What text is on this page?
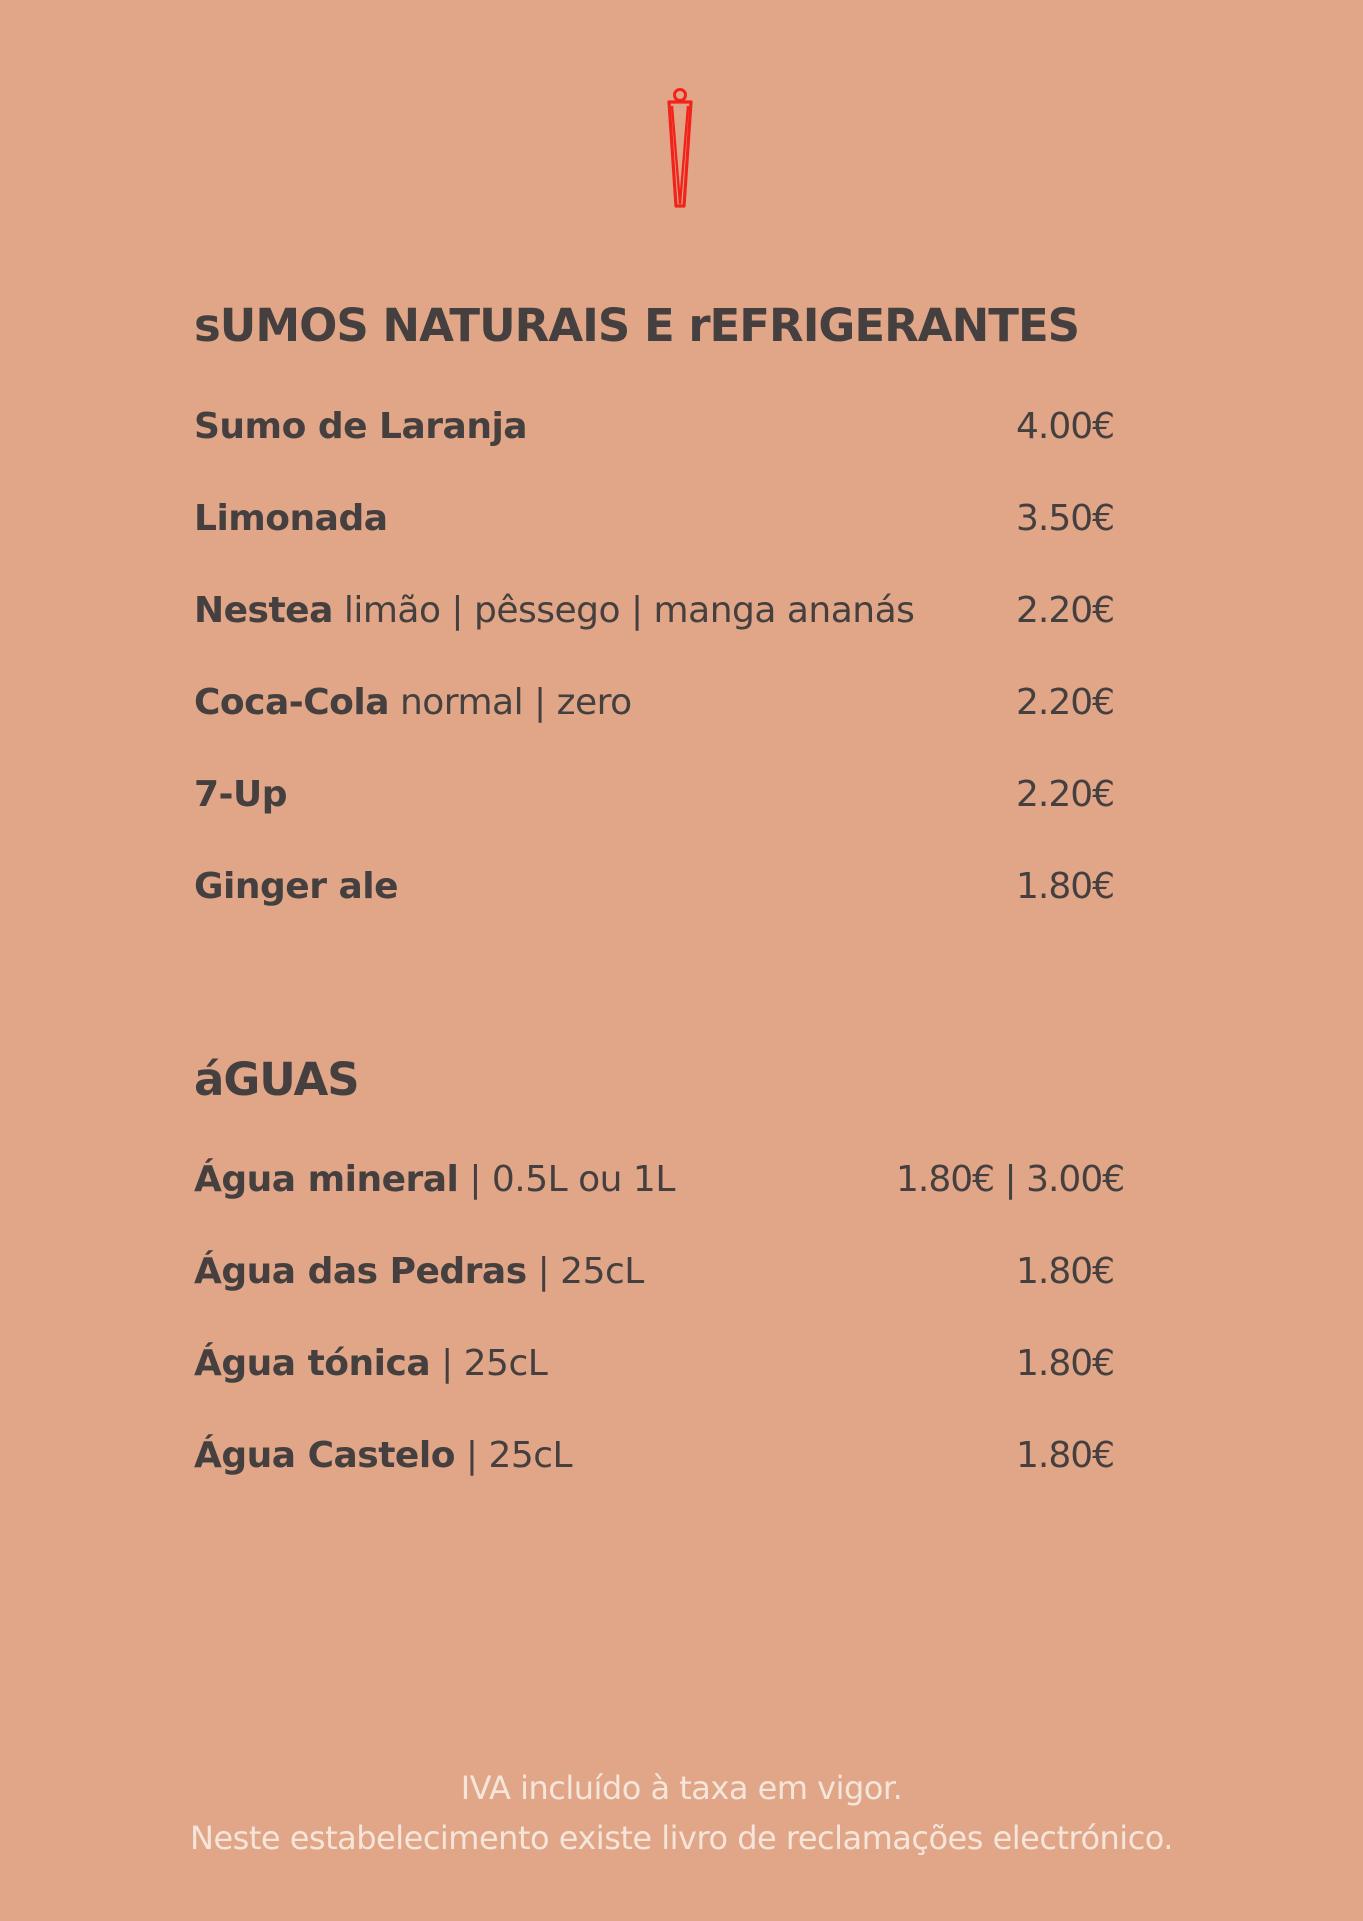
sUMOS NATURAIS E rEFRIGERANTES
Sumo de Laranja	4.00€
Limonada	3.50€
Nestea limão | pêssego | manga ananás	2.20€
Coca-Cola normal | zero	2.20€
7-Up	2.20€
Ginger ale	1.80€
áGUAS
Água mineral | 0.5L ou 1L	1.80€ | 3.00€
Água das Pedras | 25cL	1.80€
Água tónica | 25cL	1.80€
Água Castelo | 25cL	1.80€
IVA incluído à taxa em vigor.
Neste estabelecimento existe livro de reclamações electrónico.
